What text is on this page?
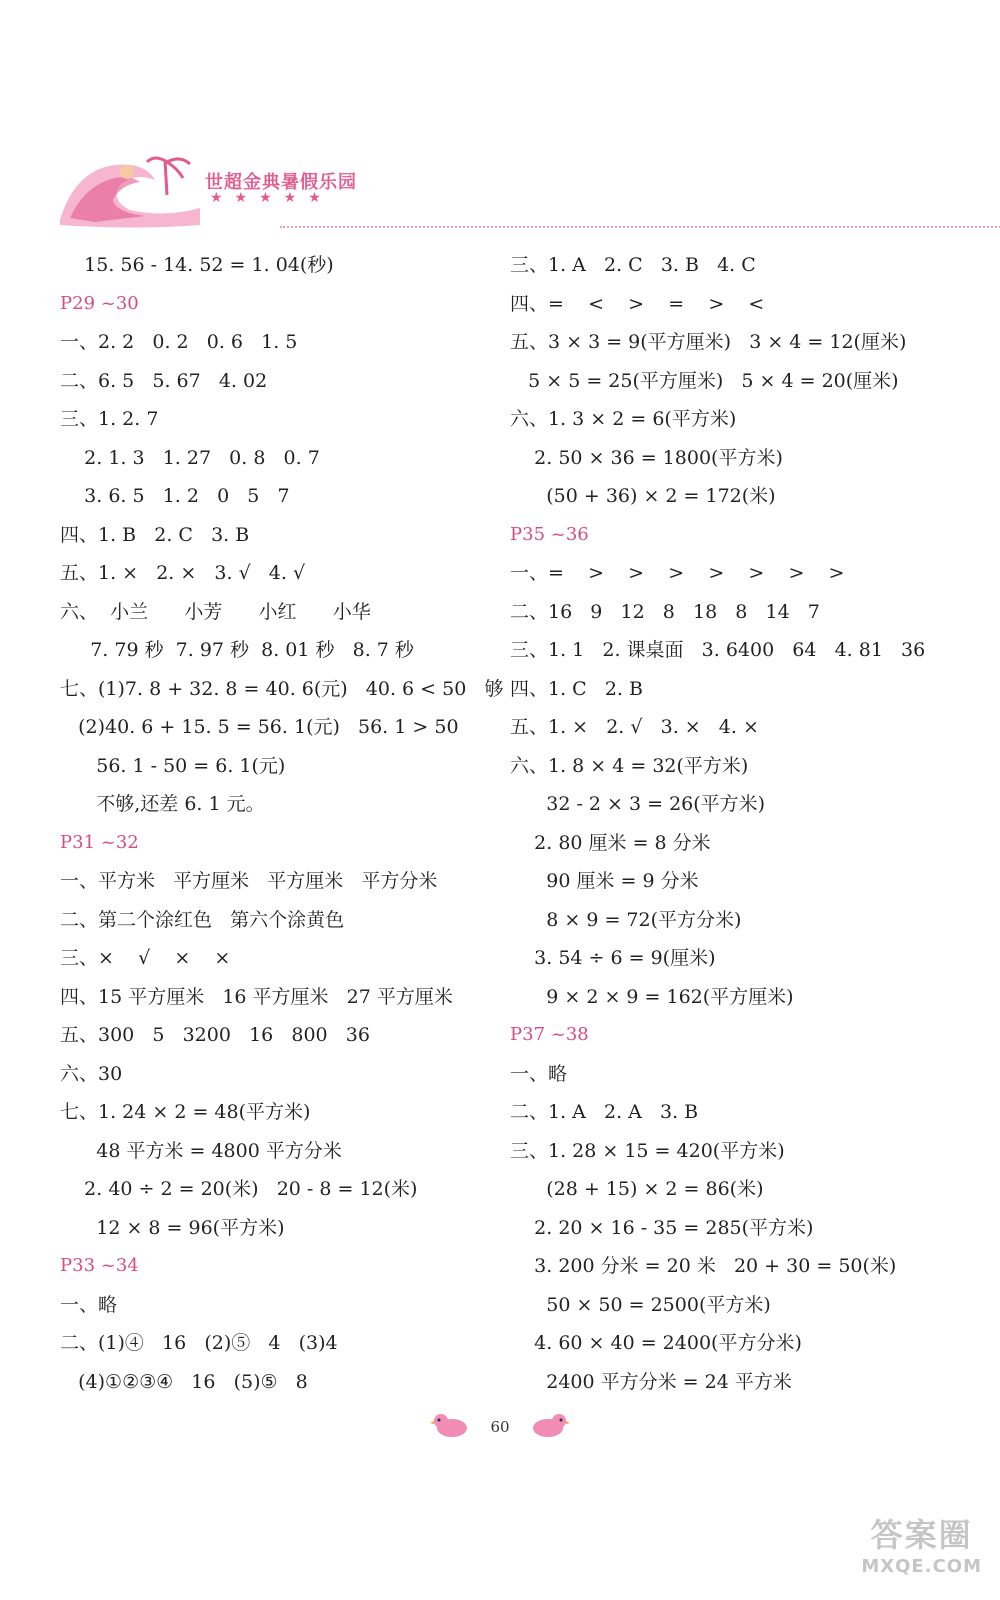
世超金典暑假乐园
★★★★★
15. 56 - 14. 52 = 1. 04(秒)
P29 ~30
一、2. 2   0. 2   0. 6   1. 5
二、6. 5   5. 67   4. 02
三、1. 2. 7
2. 1. 3   1. 27   0. 8   0. 7
3. 6. 5   1. 2   0   5   7
四、1. B   2. C   3. B
五、1. ×   2. ×   3. √   4. √
六、  小兰      小芳      小红      小华
7. 79 秒  7. 97 秒  8. 01 秒   8. 7 秒
七、(1)7. 8 + 32. 8 = 40. 6(元)   40. 6 < 50   够
(2)40. 6 + 15. 5 = 56. 1(元)   56. 1 > 50
56. 1 - 50 = 6. 1(元)
不够,还差 6. 1 元。
P31 ~32
一、平方米   平方厘米   平方厘米   平方分米
二、第二个涂红色   第六个涂黄色
三、×    √    ×    ×
四、15 平方厘米   16 平方厘米   27 平方厘米
五、300   5   3200   16   800   36
六、30
七、1. 24 × 2 = 48(平方米)
48 平方米 = 4800 平方分米
2. 40 ÷ 2 = 20(米)   20 - 8 = 12(米)
12 × 8 = 96(平方米)
P33 ~34
一、略
二、(1)④   16   (2)⑤   4   (3)4
(4)①②③④   16   (5)⑤   8
三、1. A   2. C   3. B   4. C
四、=    <    >    =    >    <
五、3 × 3 = 9(平方厘米)   3 × 4 = 12(厘米)
5 × 5 = 25(平方厘米)   5 × 4 = 20(厘米)
六、1. 3 × 2 = 6(平方米)
2. 50 × 36 = 1800(平方米)
(50 + 36) × 2 = 172(米)
P35 ~36
一、=    >    >    >    >    >    >    >
二、16   9   12   8   18   8   14   7
三、1. 1   2. 课桌面   3. 6400   64   4. 81   36
四、1. C   2. B
五、1. ×   2. √   3. ×   4. ×
六、1. 8 × 4 = 32(平方米)
32 - 2 × 3 = 26(平方米)
2. 80 厘米 = 8 分米
90 厘米 = 9 分米
8 × 9 = 72(平方分米)
3. 54 ÷ 6 = 9(厘米)
9 × 2 × 9 = 162(平方厘米)
P37 ~38
一、略
二、1. A   2. A   3. B
三、1. 28 × 15 = 420(平方米)
(28 + 15) × 2 = 86(米)
2. 20 × 16 - 35 = 285(平方米)
3. 200 分米 = 20 米   20 + 30 = 50(米)
50 × 50 = 2500(平方米)
4. 60 × 40 = 2400(平方分米)
2400 平方分米 = 24 平方米
60
答案圈
MXQE.COM
